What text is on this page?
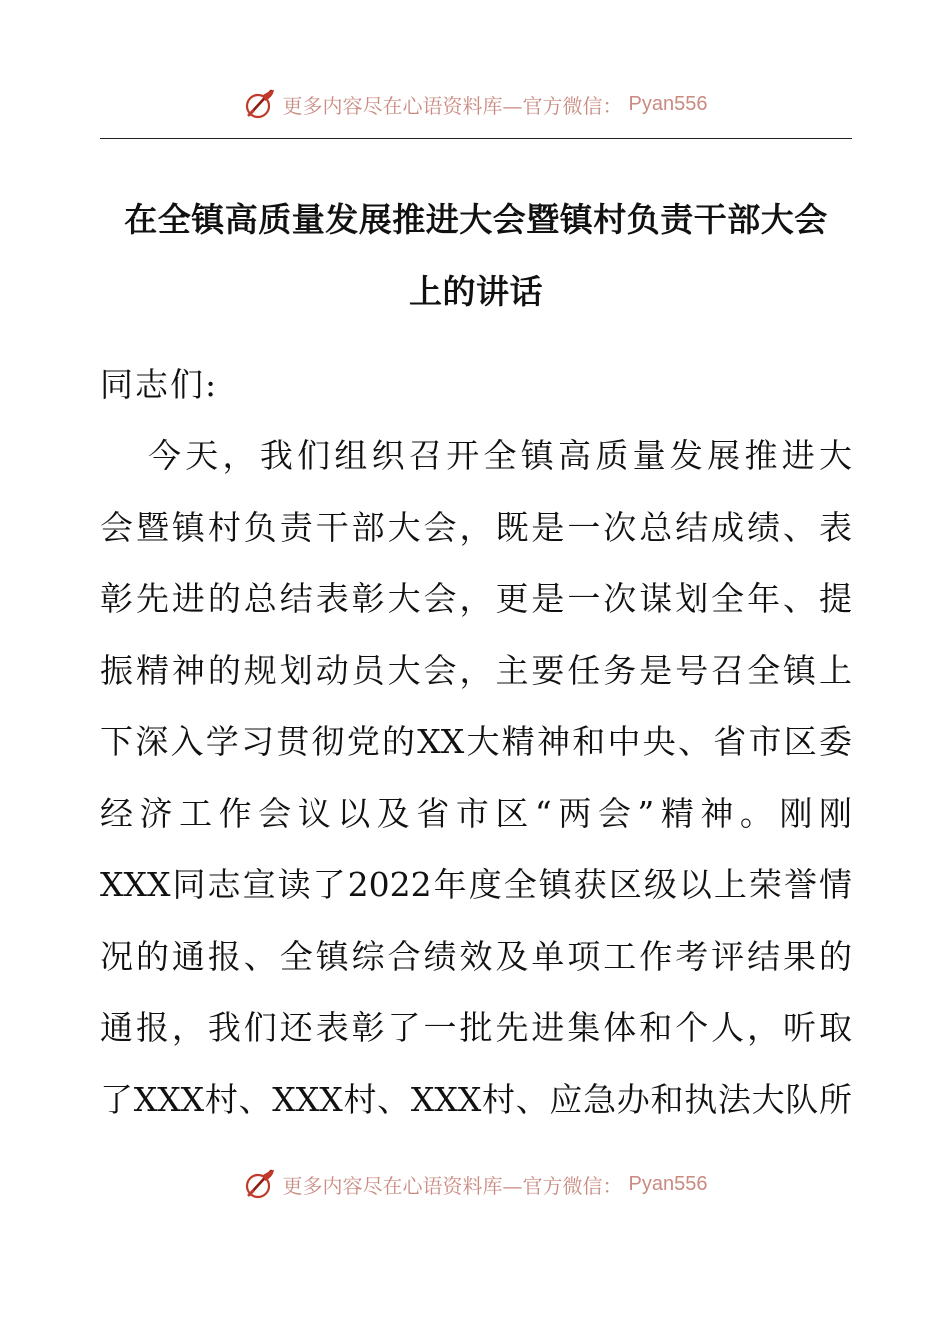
更多内容尽在心语资料库—官方微信： Pyan556
在全镇高质量发展推进大会暨镇村负责干部大会
上的讲话
同志们:
今天，我们组织召开全镇高质量发展推进大
会暨镇村负责干部大会，既是一次总结成绩、表
彰先进的总结表彰大会，更是一次谋划全年、提
振精神的规划动员大会，主要任务是号召全镇上
下深入学习贯彻党的XX大精神和中央、省市区委
经济工作会议以及省市区“两会”精神。刚刚
XXX同志宣读了2022年度全镇获区级以上荣誉情
况的通报、全镇综合绩效及单项工作考评结果的
通报，我们还表彰了一批先进集体和个人，听取
了XXX村、XXX村、XXX村、应急办和执法大队所
更多内容尽在心语资料库—官方微信： Pyan556
